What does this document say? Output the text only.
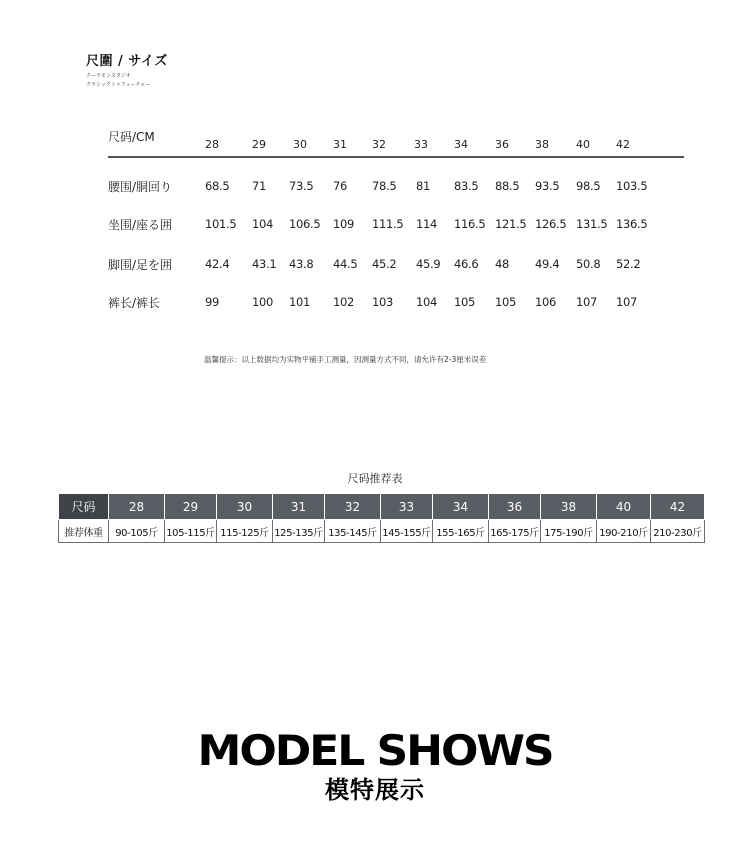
尺圍 / サイズ
クーラモンスタジオ
クラシックトゥフューチャー
尺码/CM
28	29 30 31 32	33 34 36 38 40 42
腰围/胴回り	68.5 71 73.5 76 78.5 81 83.5 88.5 93.5 98.5 103.5
坐围/座る囲	101.5 104 106.5 109 111.5 114 116.5 121.5 126.5 131.5 136.5
脚围/足を囲	42.4 43.1 43.8 44.5 45.2 45.9 46.6 48 49.4 50.8 52.2
裤长/裤长	99	100 101 102 103 104 105 105 106 107 107
温馨提示：以上数据均为实物平铺手工测量，因测量方式不同，请允许有2-3厘米误差
尺码推荐表
尺码	28	29	30	31	32	33	34	36	38	40	42
推荐体重	90-105斤	105-115斤	115-125斤	125-135斤	135-145斤	145-155斤	155-165斤	165-175斤	175-190斤	190-210斤	210-230斤
MODEL SHOWS
模特展示
